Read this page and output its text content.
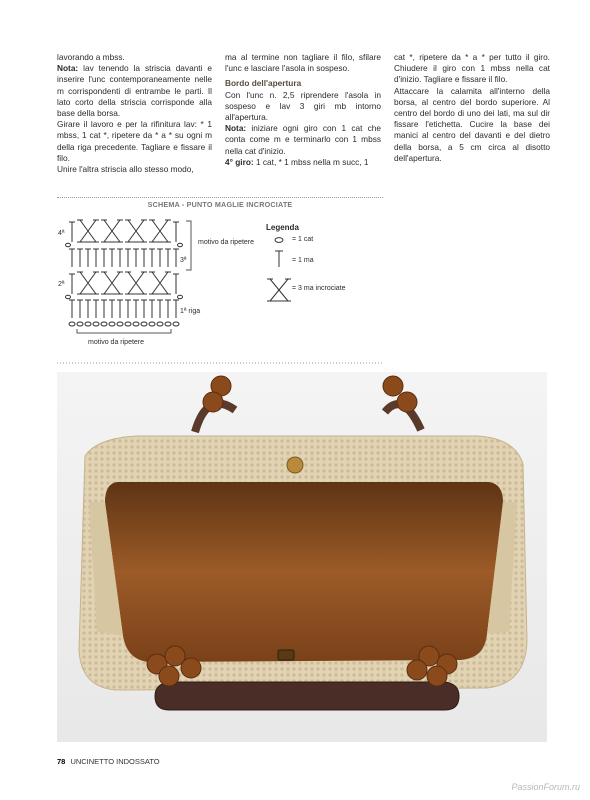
lavorando a mbss.

Nota: lav tenendo la striscia davanti e inserire l'unc contemporaneamente nelle m corrispondenti di entrambe le parti. Il lato corto della striscia corrisponde alla base della borsa.

Girare il lavoro e per la rifinitura lav: * 1 mbss, 1 cat *, ripetere da * a * su ogni m della riga precedente. Tagliare e fissare il filo.

Unire l'altra striscia allo stesso modo,

ma al termine non tagliare il filo, sfilare l'unc e lasciare l'asola in sospeso.

Bordo dell'apertura

Con l'unc n. 2,5 riprendere l'asola in sospeso e lav 3 giri mb intorno all'apertura.

Nota: iniziare ogni giro con 1 cat che conta come m e terminarlo con 1 mbss nella cat d'inizio.

4° giro: 1 cat, * 1 mbss nella m succ, 1

cat *, ripetere da * a * per tutto il giro. Chiudere il giro con 1 mbss nella cat d'inizio. Tagliare e fissare il filo.

Attaccare la calamita all'interno della borsa, al centro del bordo superiore. Al centro del bordo di uno dei lati, ma sul dir fissare l'etichetta. Cucire la base dei manici al centro del davanti e del dietro della borsa, a 5 cm circa al disotto dell'apertura.

SCHEMA - PUNTO MAGLIE INCROCIATE
4ª
3ª
2ª
1ª riga
motivo da ripetere
motivo da ripetere
Legenda
= 1 cat
= 1 ma
= 3 ma incrociate
78 UNCINETTO INDOSSATO
PassionForum.ru
